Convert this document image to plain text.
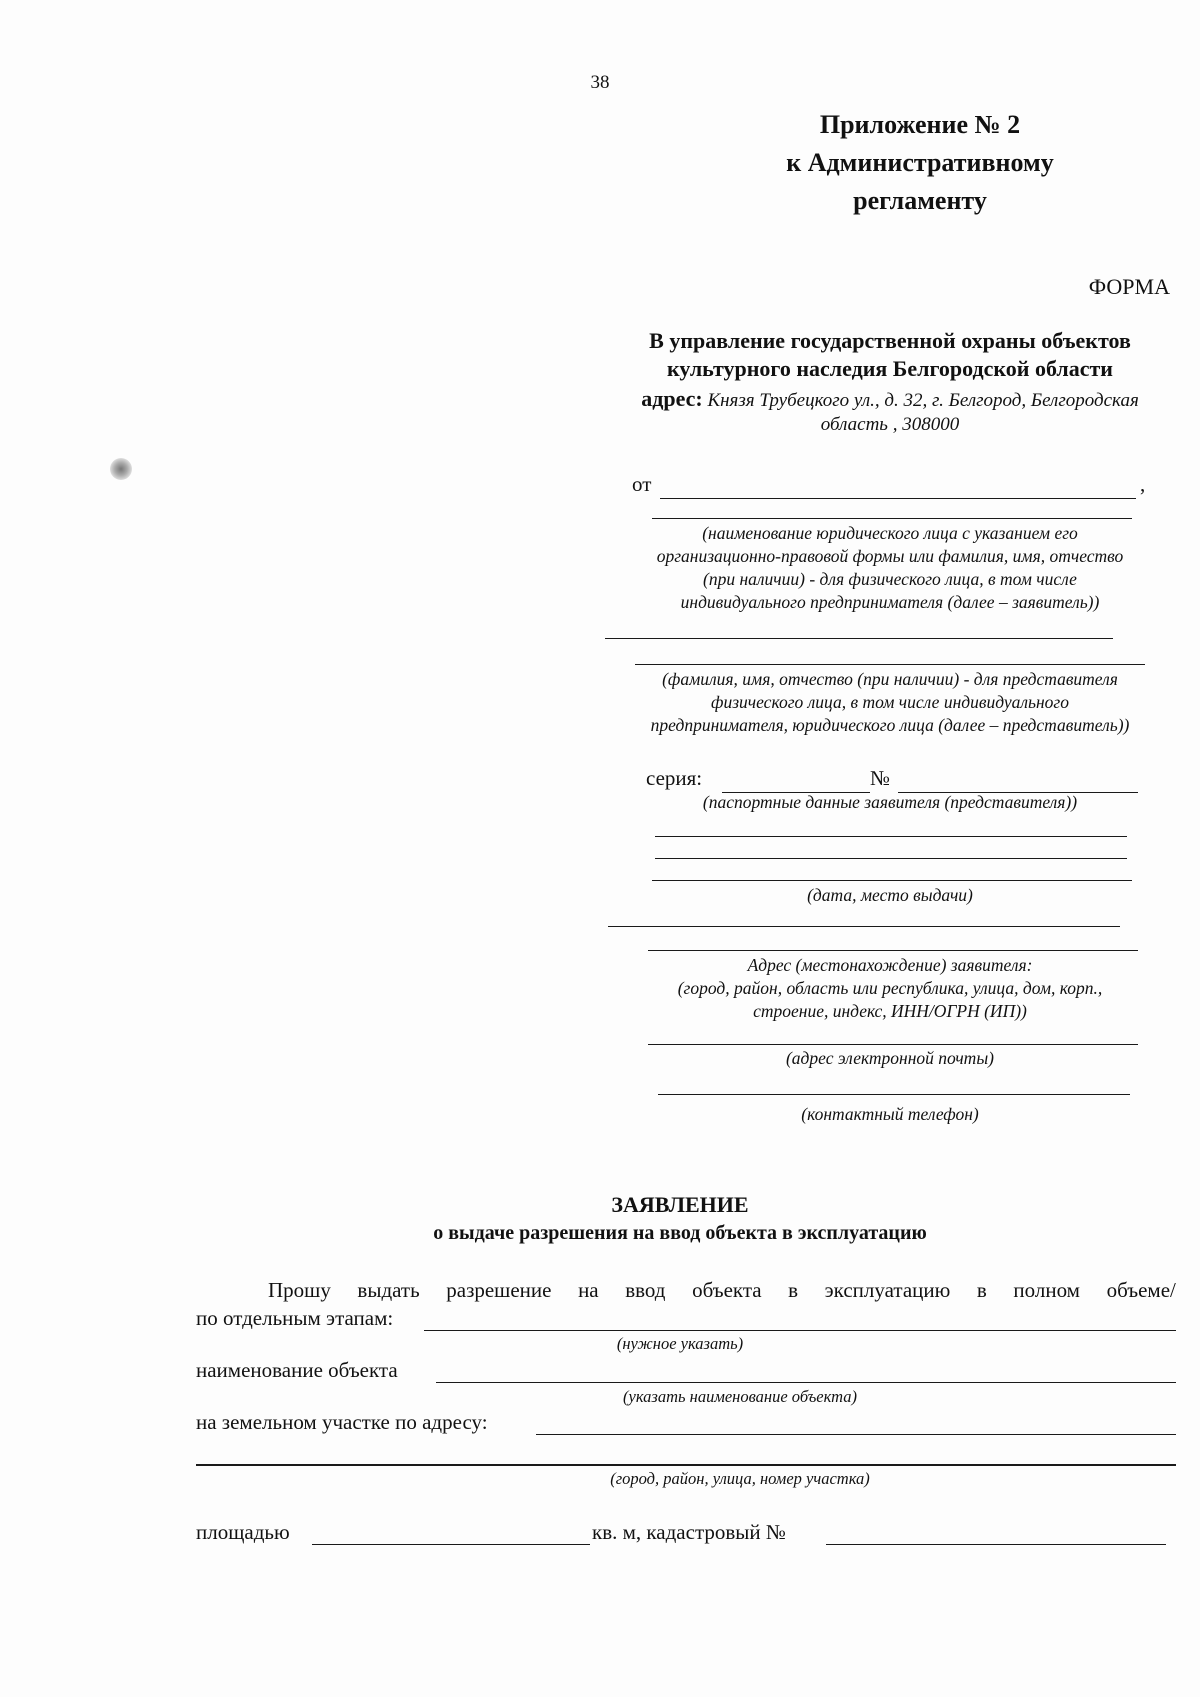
38
Приложение № 2
к Административному
регламенту
ФОРМА
В управление государственной охраны объектов
культурного наследия Белгородской области
адрес: Князя Трубецкого ул., д. 32, г. Белгород, Белгородская
область , 308000
от	,
(наименование юридического лица с указанием его
организационно-правовой формы или фамилия, имя, отчество
(при наличии) - для физического лица, в том числе
индивидуального предпринимателя (далее – заявитель))
(фамилия, имя, отчество (при наличии) - для представителя
физического лица, в том числе индивидуального
предпринимателя, юридического лица (далее – представитель))
серия:	№
(паспортные данные заявителя (представителя))
(дата, место выдачи)
Адрес (местонахождение) заявителя:
(город, район, область или республика, улица, дом, корп.,
строение, индекс, ИНН/ОГРН (ИП))
(адрес электронной почты)
(контактный телефон)
ЗАЯВЛЕНИЕ
о выдаче разрешения на ввод объекта в эксплуатацию
Прошу выдать разрешение на ввод объекта в эксплуатацию в полном объеме/
по отдельным этапам:
(нужное указать)
наименование объекта
(указать наименование объекта)
на земельном участке по адресу:
(город, район, улица, номер участка)
площадью	кв. м, кадастровый №
